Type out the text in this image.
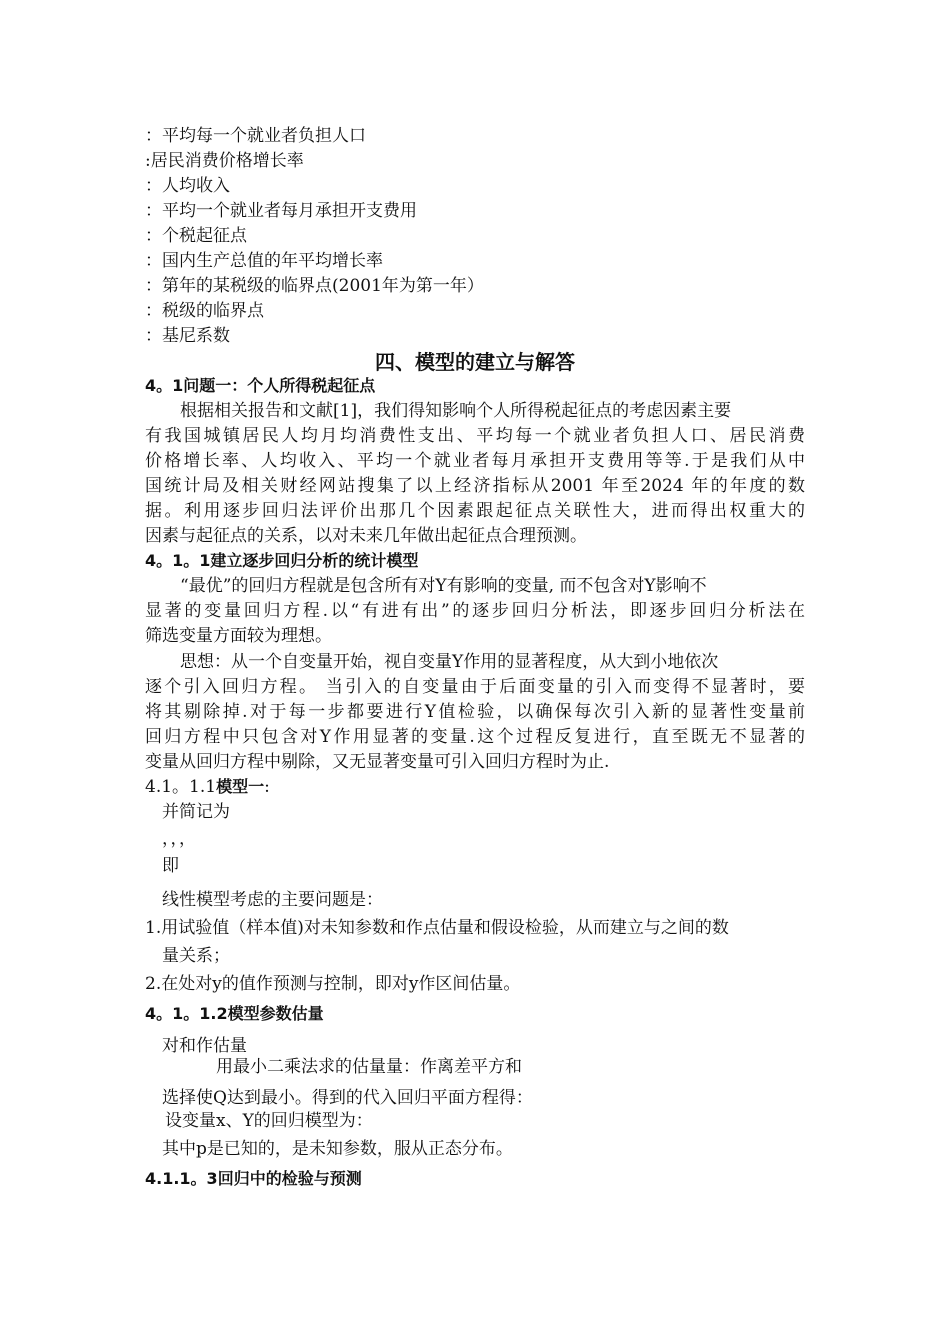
：平均每一个就业者负担人口
:居民消费价格增长率
：人均收入
：平均一个就业者每月承担开支费用
：个税起征点
：国内生产总值的年平均增长率
：第年的某税级的临界点(2001年为第一年）
：税级的临界点
：基尼系数
四、模型的建立与解答
4。1问题一：个人所得税起征点
根据相关报告和文献[1]，我们得知影响个人所得税起征点的考虑因素主要
有我国城镇居民人均月均消费性支出、平均每一个就业者负担人口、居民消费
价格增长率、人均收入、平均一个就业者每月承担开支费用等等.于是我们从中
国统计局及相关财经网站搜集了以上经济指标从2001 年至2024 年的年度的数
据。利用逐步回归法评价出那几个因素跟起征点关联性大，进而得出权重大的
因素与起征点的关系，以对未来几年做出起征点合理预测。
4。1。1建立逐步回归分析的统计模型
“最优”的回归方程就是包含所有对Y有影响的变量, 而不包含对Y影响不
显著的变量回归方程.以“有进有出”的逐步回归分析法，即逐步回归分析法在
筛选变量方面较为理想。
思想：从一个自变量开始，视自变量Y作用的显著程度，从大到小地依次
逐个引入回归方程。 当引入的自变量由于后面变量的引入而变得不显著时，要
将其剔除掉.对于每一步都要进行Y值检验，以确保每次引入新的显著性变量前
回归方程中只包含对Y作用显著的变量.这个过程反复进行，直至既无不显著的
变量从回归方程中剔除，又无显著变量可引入回归方程时为止.
4.1。1.1模型一:
并简记为
，，，
即
线性模型考虑的主要问题是：
1.用试验值（样本值)对未知参数和作点估量和假设检验，从而建立与之间的数
量关系；
2.在处对y的值作预测与控制，即对y作区间估量。
4。1。1.2模型参数估量
对和作估量
用最小二乘法求的估量量：作离差平方和
选择使Q达到最小。得到的代入回归平面方程得：
设变量x、Y的回归模型为：
其中p是已知的，是未知参数，服从正态分布。
4.1.1。3回归中的检验与预测
